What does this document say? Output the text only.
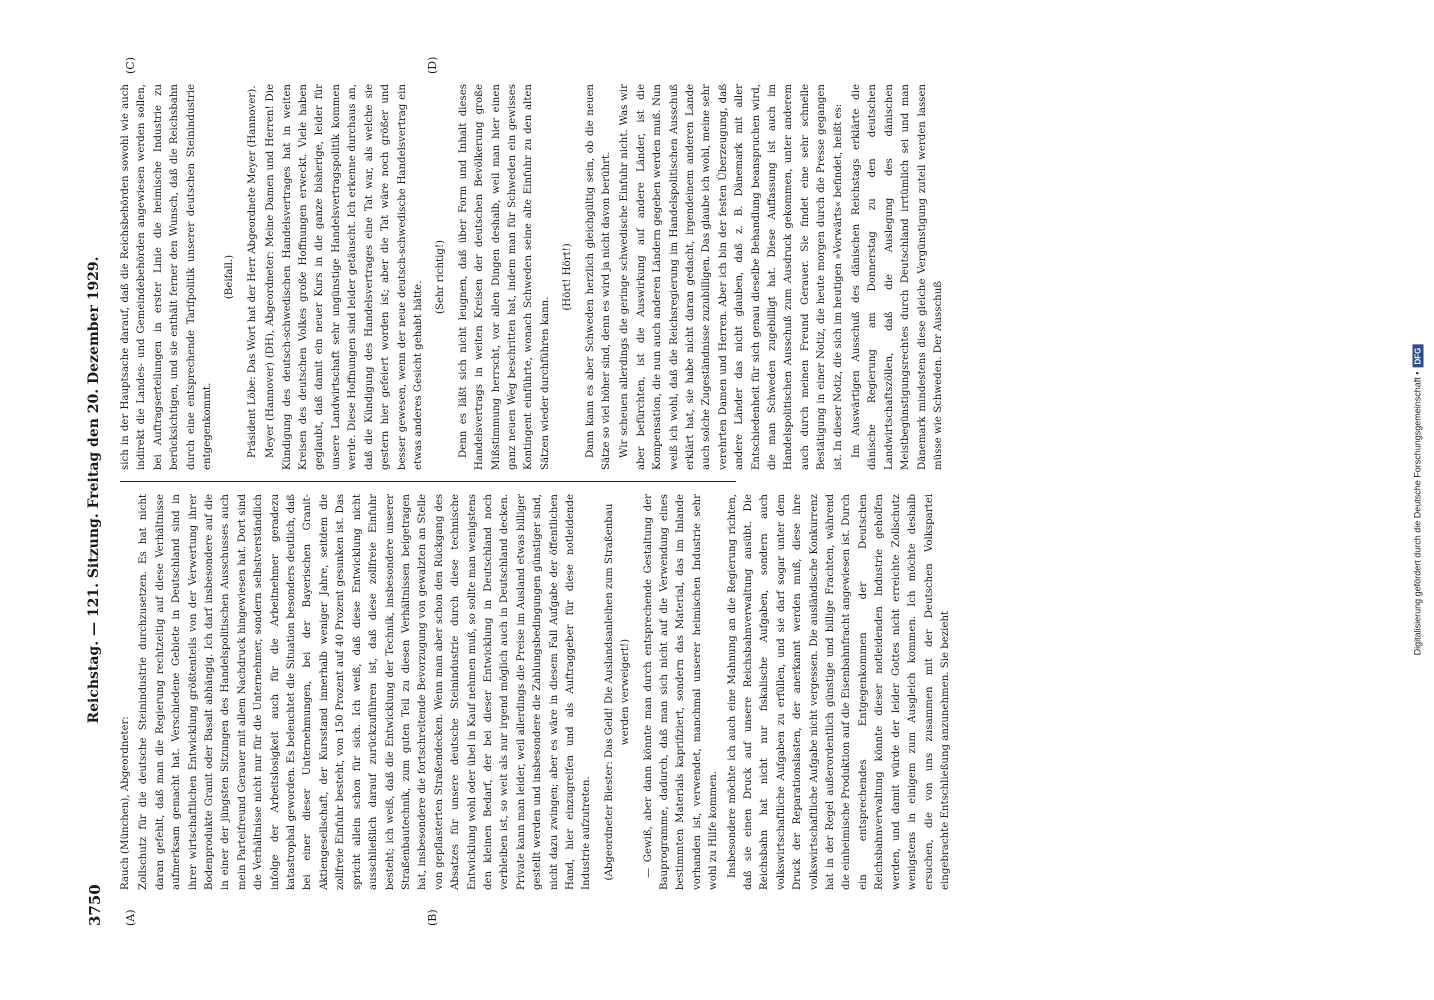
3750
Reichstag. — 121. Sitzung. Freitag den 20. Dezember 1929.
(A)	(B)
(C)	(D)

Rauch (München), Abgeordneter: Zollschutz für die deutsche Steinindustrie durchzusetzen. Es hat nicht daran gefehlt, daß man die Regierung rechtzeitig auf diese Verhältnisse aufmerksam gemacht hat. Verschiedene Gebiete in Deutschland sind in ihrer wirtschaftlichen Entwicklung größtenteils von der Verwertung ihrer Bodenprodukte Granit oder Basalt abhängig. Ich darf insbesondere auf die in einer der jüngsten Sitzungen des Handelspolitischen Ausschusses auch mein Parteifreund Gerauer mit allem Nachdruck hingewiesen hat. Dort sind die Verhältnisse nicht nur für die Unternehmer, sondern selbstverständlich infolge der Arbeitslosigkeit auch für die Arbeitnehmer geradezu katastrophal geworden. Es beleuchtet die Situation besonders deutlich, daß bei einer dieser Unternehmungen, bei der Bayerischen Granit-Aktiengesellschaft, der Kursstand innerhalb weniger Jahre, seitdem die zollfreie Einfuhr besteht, von 150 Prozent auf 40 Prozent gesunken ist. Das spricht allein schon für sich. Ich weiß, daß diese Entwicklung nicht ausschließlich darauf zurückzuführen ist, daß diese zollfreie Einfuhr besteht; ich weiß, daß die Entwicklung der Technik, insbesondere unserer Straßenbautechnik, zum guten Teil zu diesen Verhältnissen beigetragen hat, insbesondere die fortschreitende Bevorzugung von gewalzten an Stelle von gepflasterten Straßendecken. Wenn man aber schon den Rückgang des Absatzes für unsere deutsche Steinindustrie durch diese technische Entwicklung wohl oder übel in Kauf nehmen muß, so sollte man wenigstens den kleinen Bedarf, der bei dieser Entwicklung in Deutschland noch verbleiben ist, so weit als nur irgend möglich auch in Deutschland decken. Private kann man leider, weil allerdings die Preise im Ausland etwas billiger gestellt werden und insbesondere die Zahlungsbedingungen günstiger sind, nicht dazu zwingen; aber es wäre in diesem Fall Aufgabe der öffentlichen Hand, hier einzugreifen und als Auftraggeber für diese notleidende Industrie aufzutreten.	(Abgeordneter Biester: Das Geld! Die Auslandsanleihen zum Straßenbau werden verweigert!)	— Gewiß, aber dann könnte man durch entsprechende Gestaltung der Bauprogramme, dadurch, daß man sich nicht auf die Verwendung eines bestimmten Materials kaprifiziert, sondern das Material, das im Inlande vorhanden ist, verwendet, manchmal unserer heimischen Industrie sehr wohl zu Hilfe kommen. Insbesondere möchte ich auch eine Mahnung an die Regierung richten, daß sie einen Druck auf unsere Reichsbahnverwaltung ausübt. Die Reichsbahn hat nicht nur fiskalische Aufgaben, sondern auch volkswirtschaftliche Aufgaben zu erfüllen, und sie darf sogar unter dem Druck der Reparationslasten, der anerkannt werden muß, diese ihre volkswirtschaftliche Aufgabe nicht vergessen. Die ausländische Konkurrenz hat in der Regel außerordentlich günstige und billige Frachten, während die einheimische Produktion auf die Eisenbahnfracht angewiesen ist. Durch ein entsprechendes Entgegenkommen der Deutschen Reichsbahnverwaltung könnte dieser notleidenden Industrie geholfen werden, und damit würde der leider Gottes nicht erreichte Zollschutz wenigstens in einigem zum Ausgleich kommen. Ich möchte deshalb ersuchen, die von uns zusammen mit der Deutschen Volkspartei eingebrachte Entschließung anzunehmen. Sie bezieht

sich in der Hauptsache darauf, daß die Reichsbehörden sowohl wie auch indirekt die Landes- und Gemeindebehörden angewiesen werden sollen, bei Auftragserteilungen in erster Linie die heimische Industrie zu berücksichtigen, und sie enthält ferner den Wunsch, daß die Reichsbahn durch eine entsprechende Tarifpolitik unserer deutschen Steinindustrie entgegenkommt.

(Beifall.)	Präsident Löbe: Das Wort hat der Herr Abgeordnete Meyer (Hannover). Meyer (Hannover) (DH), Abgeordneter: Meine Damen und Herren! Die Kündigung des deutsch-schwedischen Handelsvertrages hat in weiten Kreisen des deutschen Volkes große Hoffnungen erweckt. Viele haben geglaubt, daß damit ein neuer Kurs in die ganze bisherige, leider für unsere Landwirtschaft sehr ungünstige Handelsvertragspolitik kommen werde. Diese Hoffnungen sind leider getäuscht. Ich erkenne durchaus an, daß die Kündigung des Handelsvertrages eine Tat war, als welche sie gestern hier gefeiert worden ist; aber die Tat wäre noch größer und besser gewesen, wenn der neue deutsch-schwedische Handelsvertrag ein etwas anderes Gesicht gehabt hätte.

(Sehr richtig!)	Denn es läßt sich nicht leugnen, daß über Form und Inhalt dieses Handelsvertrags in weiten Kreisen der deutschen Bevölkerung große Mißstimmung herrscht, vor allen Dingen deshalb, weil man hier einen ganz neuen Weg beschritten hat, indem man für Schweden ein gewisses Kontingent einführte, wonach Schweden seine alte Einfuhr zu den alten Sätzen wieder durchführen kann.

(Hört! Hört!)	Dann kann es aber Schweden herzlich gleichgültig sein, ob die neuen Sätze so viel höher sind, denn es wird ja nicht davon berührt. Wir scheuen allerdings die geringe schwedische Einfuhr nicht. Was wir aber befürchten, ist die Auswirkung auf andere Länder, ist die Kompensation, die nun auch anderen Ländern gegeben werden muß. Nun weiß ich wohl, daß die Reichsregierung im Handelspolitischen Ausschuß erklärt hat, sie habe nicht daran gedacht, irgendeinem anderen Lande auch solche Zugeständnisse zuzubilligen. Das glaube ich wohl, meine sehr verehrten Damen und Herren. Aber ich bin der festen Überzeugung, daß andere Länder das nicht glauben, daß z. B. Dänemark mit aller Entschiedenheit für sich genau dieselbe Behandlung beanspruchen wird, die man Schweden zugebilligt hat. Diese Auffassung ist auch im Handelspolitischen Ausschuß zum Ausdruck gekommen, unter anderem auch durch meinen Freund Gerauer. Sie findet eine sehr schnelle Bestätigung in einer Notiz, die heute morgen durch die Presse gegangen ist. In dieser Notiz, die sich im heutigen »Vorwärts« befindet, heißt es: Im Auswärtigen Ausschuß des dänischen Reichstags erklärte die dänische Regierung am Donnerstag zu den deutschen Landwirtschaftszöllen, daß die Auslegung des dänischen Meistbegünstigungsrechtes durch Deutschland irrtümlich sei und man Dänemark mindestens diese gleiche Vergünstigung zuteil werden lassen müsse wie Schweden. Der Ausschuß	Digitalisierung gefördert durch die Deutsche Forschungsgemeinschaft •DFG
